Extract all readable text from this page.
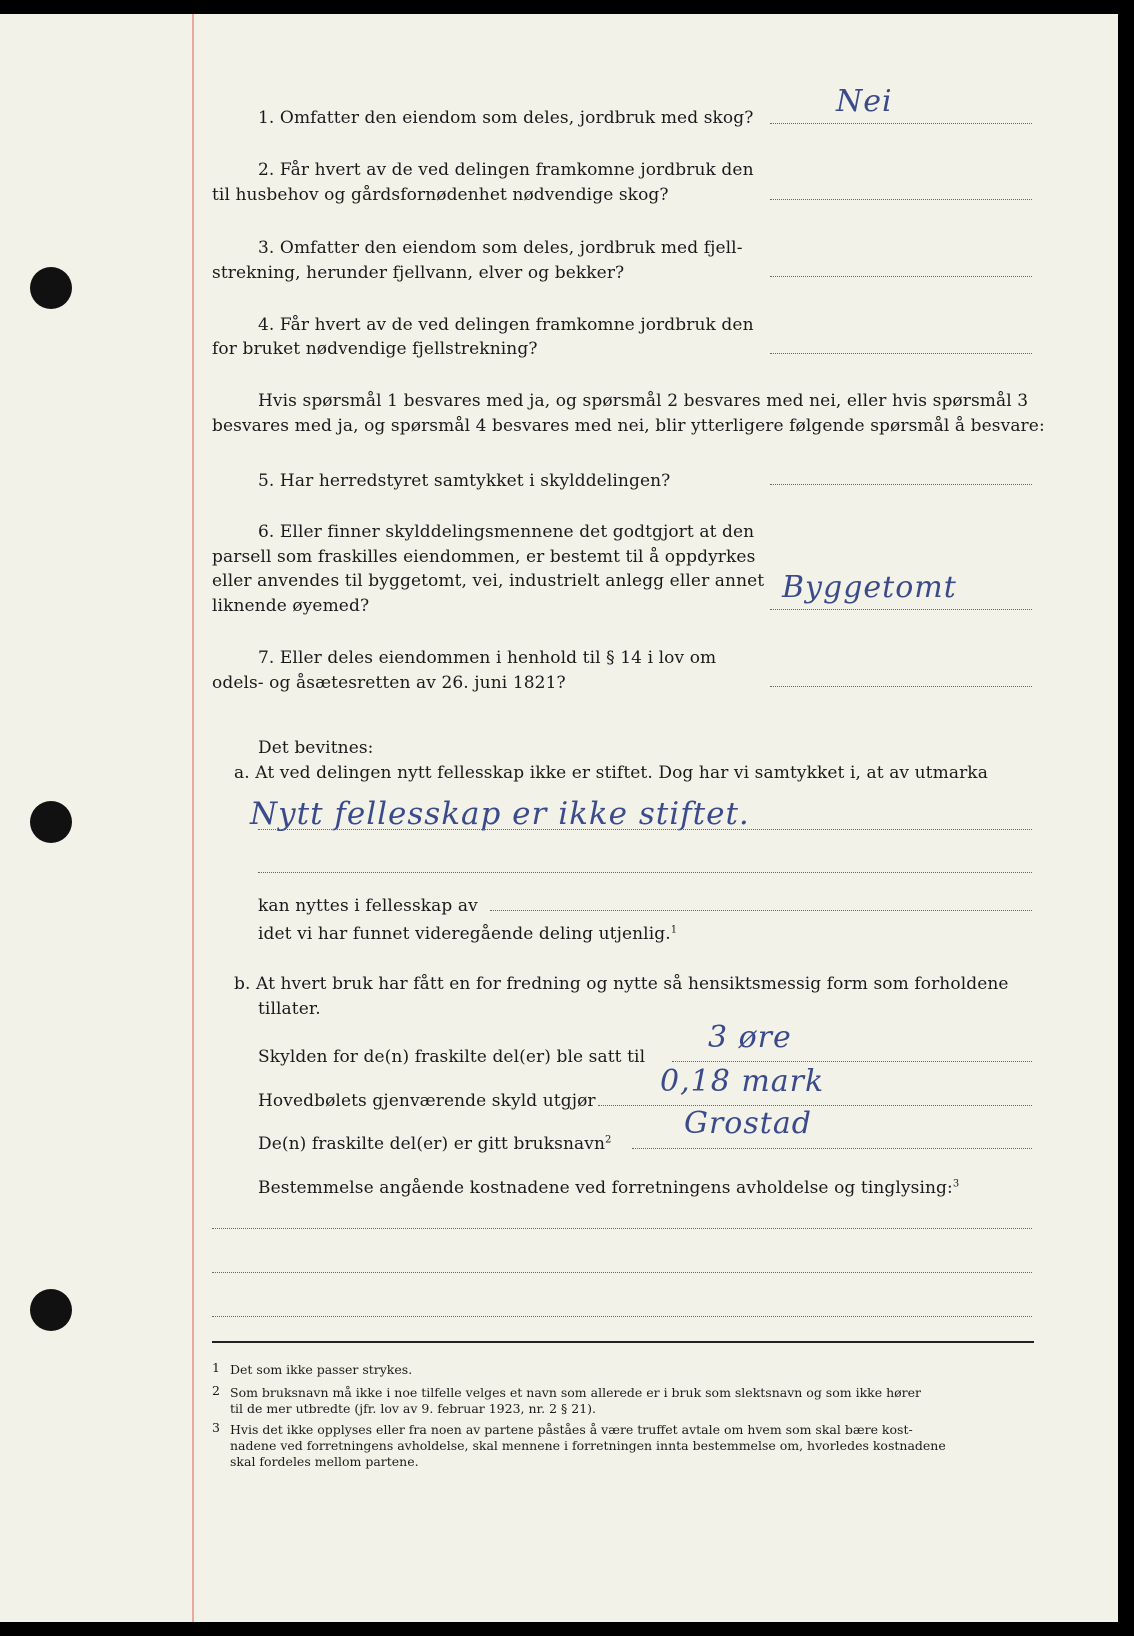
1. Omfatter den eiendom som deles, jordbruk med skog?	Nei
2. Får hvert av de ved delingen framkomne jordbruk den
til husbehov og gårdsfornødenhet nødvendige skog?
3. Omfatter den eiendom som deles, jordbruk med fjell-
strekning, herunder fjellvann, elver og bekker?
4. Får hvert av de ved delingen framkomne jordbruk den
for bruket nødvendige fjellstrekning?
Hvis spørsmål 1 besvares med ja, og spørsmål 2 besvares med nei, eller hvis spørsmål 3
besvares med ja, og spørsmål 4 besvares med nei, blir ytterligere følgende spørsmål å besvare:
5. Har herredstyret samtykket i skylddelingen?
6. Eller finner skylddelingsmennene det godtgjort at den
parsell som fraskilles eiendommen, er bestemt til å oppdyrkes
eller anvendes til byggetomt, vei, industrielt anlegg eller annet
liknende øyemed?
Byggetomt
7. Eller deles eiendommen i henhold til § 14 i lov om
odels- og åsætesretten av 26. juni 1821?
Det bevitnes:
a. At ved delingen nytt fellesskap ikke er stiftet. Dog har vi samtykket i, at av utmarka
Nytt fellesskap er ikke stiftet.
kan nyttes i fellesskap av
idet vi har funnet videregående deling utjenlig.$^1$
b. At hvert bruk har fått en for fredning og nytte så hensiktsmessig form som forholdene
tillater.
Skylden for de(n) fraskilte del(er) ble satt til
3 øre
Hovedbølets gjenværende skyld utgjør
0,18 mark
De(n) fraskilte del(er) er gitt bruksnavn$^2$ Grostad
Bestemmelse angående kostnadene ved forretningens avholdelse og tinglysing:$^3$
1 Det som ikke passer strykes.
2 Som bruksnavn må ikke i noe tilfelle velges et navn som allerede er i bruk som slektsnavn og som ikke hører
til de mer utbredte (jfr. lov av 9. februar 1923, nr. 2 § 21).
3 Hvis det ikke opplyses eller fra noen av partene påståes å være truffet avtale om hvem som skal bære kost-
nadene ved forretningens avholdelse, skal mennene i forretningen innta bestemmelse om, hvorledes kostnadene
skal fordeles mellom partene.
